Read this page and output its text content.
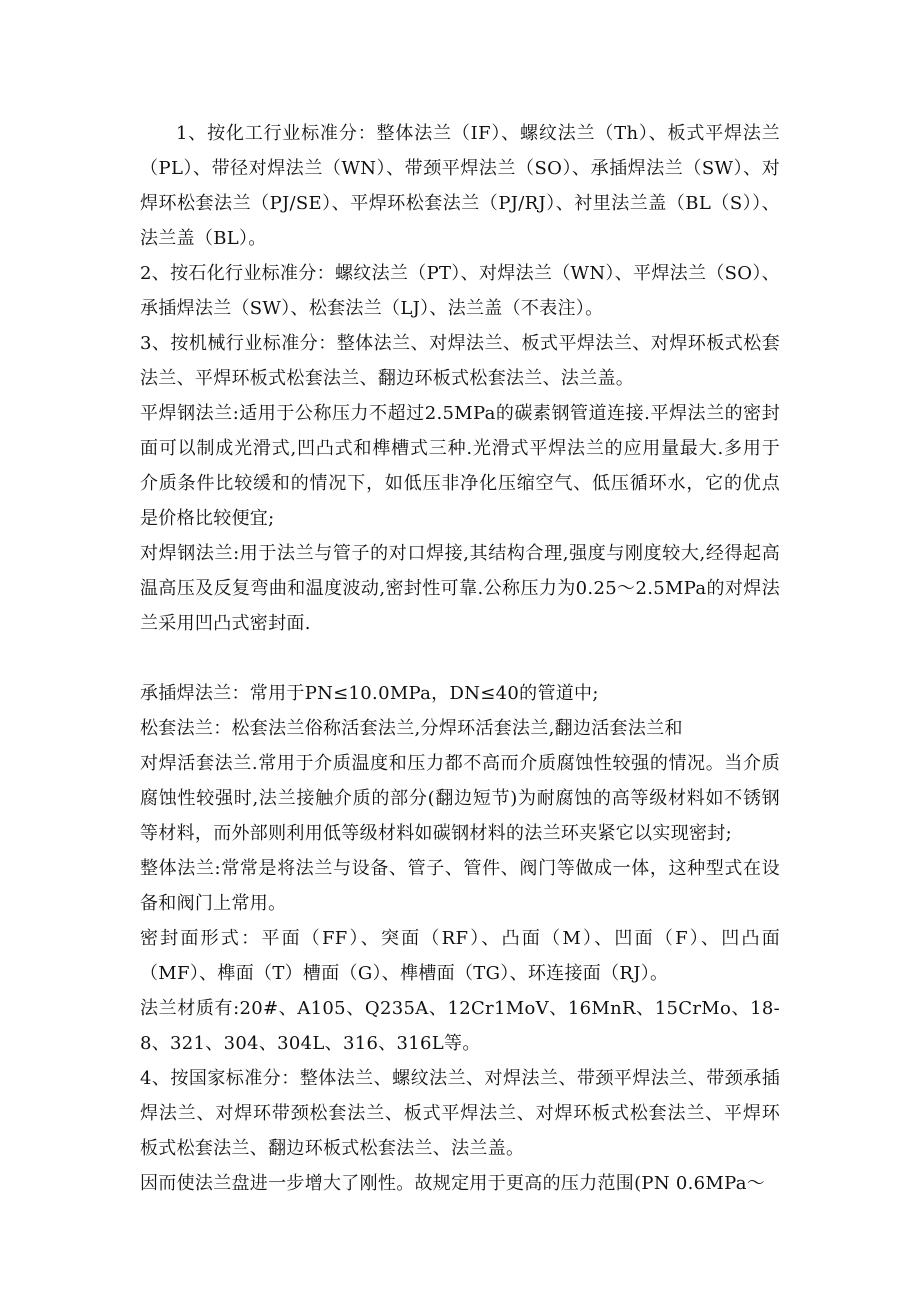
1、按化工行业标准分：整体法兰（IF）、螺纹法兰（Th）、板式平焊法兰（PL）、带径对焊法兰（WN）、带颈平焊法兰（SO）、承插焊法兰（SW）、对焊环松套法兰（PJ/SE）、平焊环松套法兰（PJ/RJ）、衬里法兰盖（BL（S））、法兰盖（BL）。

2、按石化行业标准分：螺纹法兰（PT）、对焊法兰（WN）、平焊法兰（SO）、承插焊法兰（SW）、松套法兰（LJ）、法兰盖（不表注）。

3、按机械行业标准分：整体法兰、对焊法兰、板式平焊法兰、对焊环板式松套法兰、平焊环板式松套法兰、翻边环板式松套法兰、法兰盖。

平焊钢法兰:适用于公称压力不超过2.5MPa的碳素钢管道连接.平焊法兰的密封面可以制成光滑式,凹凸式和榫槽式三种.光滑式平焊法兰的应用量最大.多用于介质条件比较缓和的情况下，如低压非净化压缩空气、低压循环水，它的优点是价格比较便宜;

对焊钢法兰:用于法兰与管子的对口焊接,其结构合理,强度与刚度较大,经得起高温高压及反复弯曲和温度波动,密封性可靠.公称压力为0.25～2.5MPa的对焊法兰采用凹凸式密封面.

承插焊法兰：常用于PN≤10.0MPa，DN≤40的管道中;

松套法兰：松套法兰俗称活套法兰,分焊环活套法兰,翻边活套法兰和

对焊活套法兰.常用于介质温度和压力都不高而介质腐蚀性较强的情况。当介质腐蚀性较强时,法兰接触介质的部分(翻边短节)为耐腐蚀的高等级材料如不锈钢等材料，而外部则利用低等级材料如碳钢材料的法兰环夹紧它以实现密封;

整体法兰:常常是将法兰与设备、管子、管件、阀门等做成一体，这种型式在设备和阀门上常用。

密封面形式：平面（FF）、突面（RF）、凸面（M）、凹面（F）、凹凸面（MF）、榫面（T）槽面（G）、榫槽面（TG）、环连接面（RJ）。

法兰材质有:20#、A105、Q235A、12Cr1MoV、16MnR、15CrMo、18-8、321、304、304L、316、316L等。

4、按国家标准分：整体法兰、螺纹法兰、对焊法兰、带颈平焊法兰、带颈承插焊法兰、对焊环带颈松套法兰、板式平焊法兰、对焊环板式松套法兰、平焊环板式松套法兰、翻边环板式松套法兰、法兰盖。

因而使法兰盘进一步增大了刚性。故规定用于更高的压力范围(PN 0.6MPa～
